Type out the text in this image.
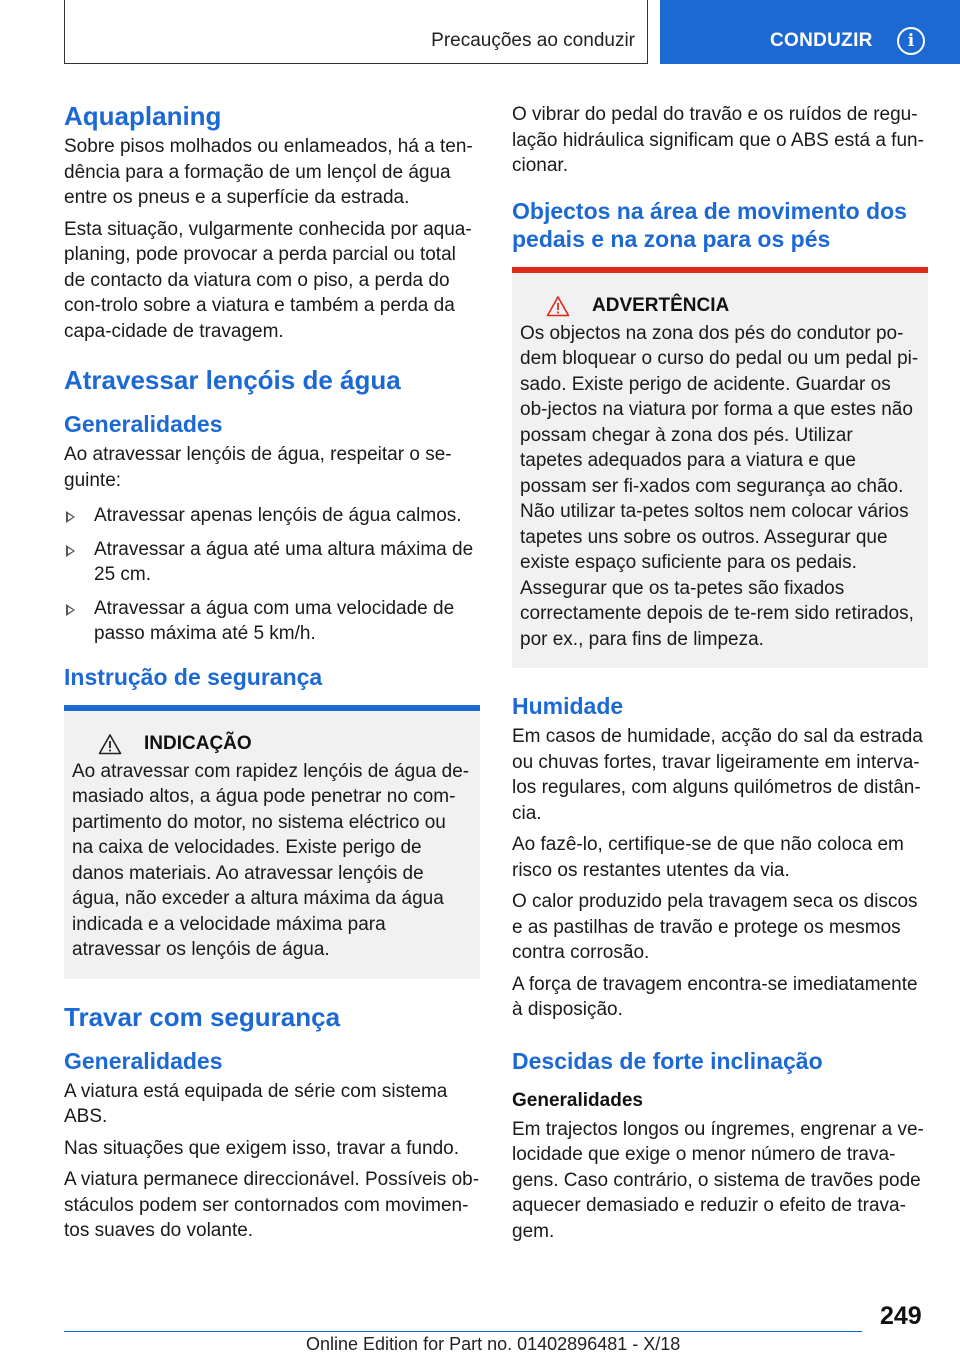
Precauções ao conduzir	CONDUZIR	i
Aquaplaning

Sobre pisos molhados ou enlameados, há a ten-dência para a formação de um lençol de água entre os pneus e a superfície da estrada.

Esta situação, vulgarmente conhecida por aqua-planing, pode provocar a perda parcial ou total de contacto da viatura com o piso, a perda do con-trolo sobre a viatura e também a perda da capa-cidade de travagem.

Atravessar lençóis de água
Generalidades

Ao atravessar lençóis de água, respeitar o se-guinte:

Atravessar apenas lençóis de água calmos.
Atravessar a água até uma altura máxima de 25 cm.
Atravessar a água com uma velocidade de passo máxima até 5 km/h.
Instrução de segurança
INDICAÇÃO

Ao atravessar com rapidez lençóis de água de-masiado altos, a água pode penetrar no com-partimento do motor, no sistema eléctrico ou na caixa de velocidades. Existe perigo de danos materiais. Ao atravessar lençóis de água, não exceder a altura máxima da água indicada e a velocidade máxima para atravessar os lençóis de água.

Travar com segurança
Generalidades

A viatura está equipada de série com sistema ABS.

Nas situações que exigem isso, travar a fundo.

A viatura permanece direccionável. Possíveis ob-stáculos podem ser contornados com movimen-tos suaves do volante.

O vibrar do pedal do travão e os ruídos de regu-lação hidráulica significam que o ABS está a fun-cionar.

Objectos na área de movimento dos pedais e na zona para os pés
ADVERTÊNCIA

Os objectos na zona dos pés do condutor po-dem bloquear o curso do pedal ou um pedal pi-sado. Existe perigo de acidente. Guardar os ob-jectos na viatura por forma a que estes não possam chegar à zona dos pés. Utilizar tapetes adequados para a viatura e que possam ser fi-xados com segurança ao chão. Não utilizar ta-petes soltos nem colocar vários tapetes uns sobre os outros. Assegurar que existe espaço suficiente para os pedais. Assegurar que os ta-petes são fixados correctamente depois de te-rem sido retirados, por ex., para fins de limpeza.

Humidade

Em casos de humidade, acção do sal da estrada ou chuvas fortes, travar ligeiramente em interva-los regulares, com alguns quilómetros de distân-cia.

Ao fazê-lo, certifique-se de que não coloca em risco os restantes utentes da via.

O calor produzido pela travagem seca os discos e as pastilhas de travão e protege os mesmos contra corrosão.

A força de travagem encontra-se imediatamente à disposição.

Descidas de forte inclinação
Generalidades

Em trajectos longos ou íngremes, engrenar a ve-locidade que exige o menor número de trava-gens. Caso contrário, o sistema de travões pode aquecer demasiado e reduzir o efeito de trava-gem.

249
Online Edition for Part no. 01402896481 - X/18
